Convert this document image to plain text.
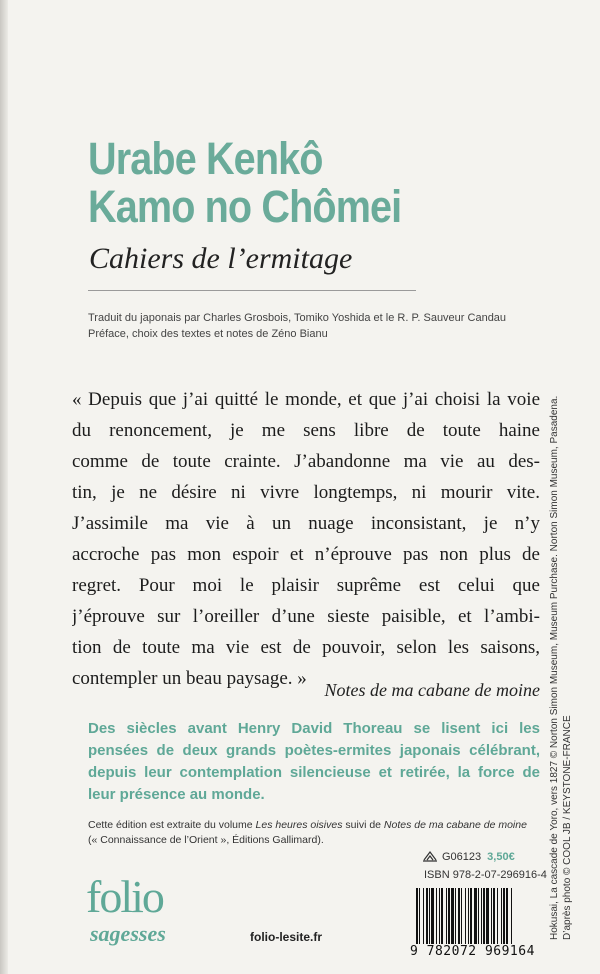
Urabe Kenkô
Kamo no Chômei
Cahiers de l’ermitage
Traduit du japonais par Charles Grosbois, Tomiko Yoshida et le R. P. Sauveur Candau
Préface, choix des textes et notes de Zéno Bianu
« Depuis que j’ai quitté le monde, et que j’ai choisi la voie
du renoncement, je me sens libre de toute haine
comme de toute crainte. J’abandonne ma vie au des-
tin, je ne désire ni vivre longtemps, ni mourir vite.
J’assimile ma vie à un nuage inconsistant, je n’y
accroche pas mon espoir et n’éprouve pas non plus de
regret. Pour moi le plaisir suprême est celui que
j’éprouve sur l’oreiller d’une sieste paisible, et l’ambi-
tion de toute ma vie est de pouvoir, selon les saisons,
contempler un beau paysage. »
Notes de ma cabane de moine
Des siècles avant Henry David Thoreau se lisent ici les
pensées de deux grands poètes-ermites japonais célébrant,
depuis leur contemplation silencieuse et retirée, la force de
leur présence au monde.
Cette édition est extraite du volume Les heures oisives suivi de Notes de ma cabane de moine
(« Connaissance de l’Orient », Éditions Gallimard).	Hokusai, La cascade de Yoro, vers 1827 © Norton Simon Museum, Museum Purchase. Norton Simon Museum, Pasadena. D’après photo © COOL JB / KEYSTONE-FRANCE
folio
sagesses	folio-lesite.fr
G06123 3,50€
ISBN 978-2-07-296916-4
9 782072 969164
